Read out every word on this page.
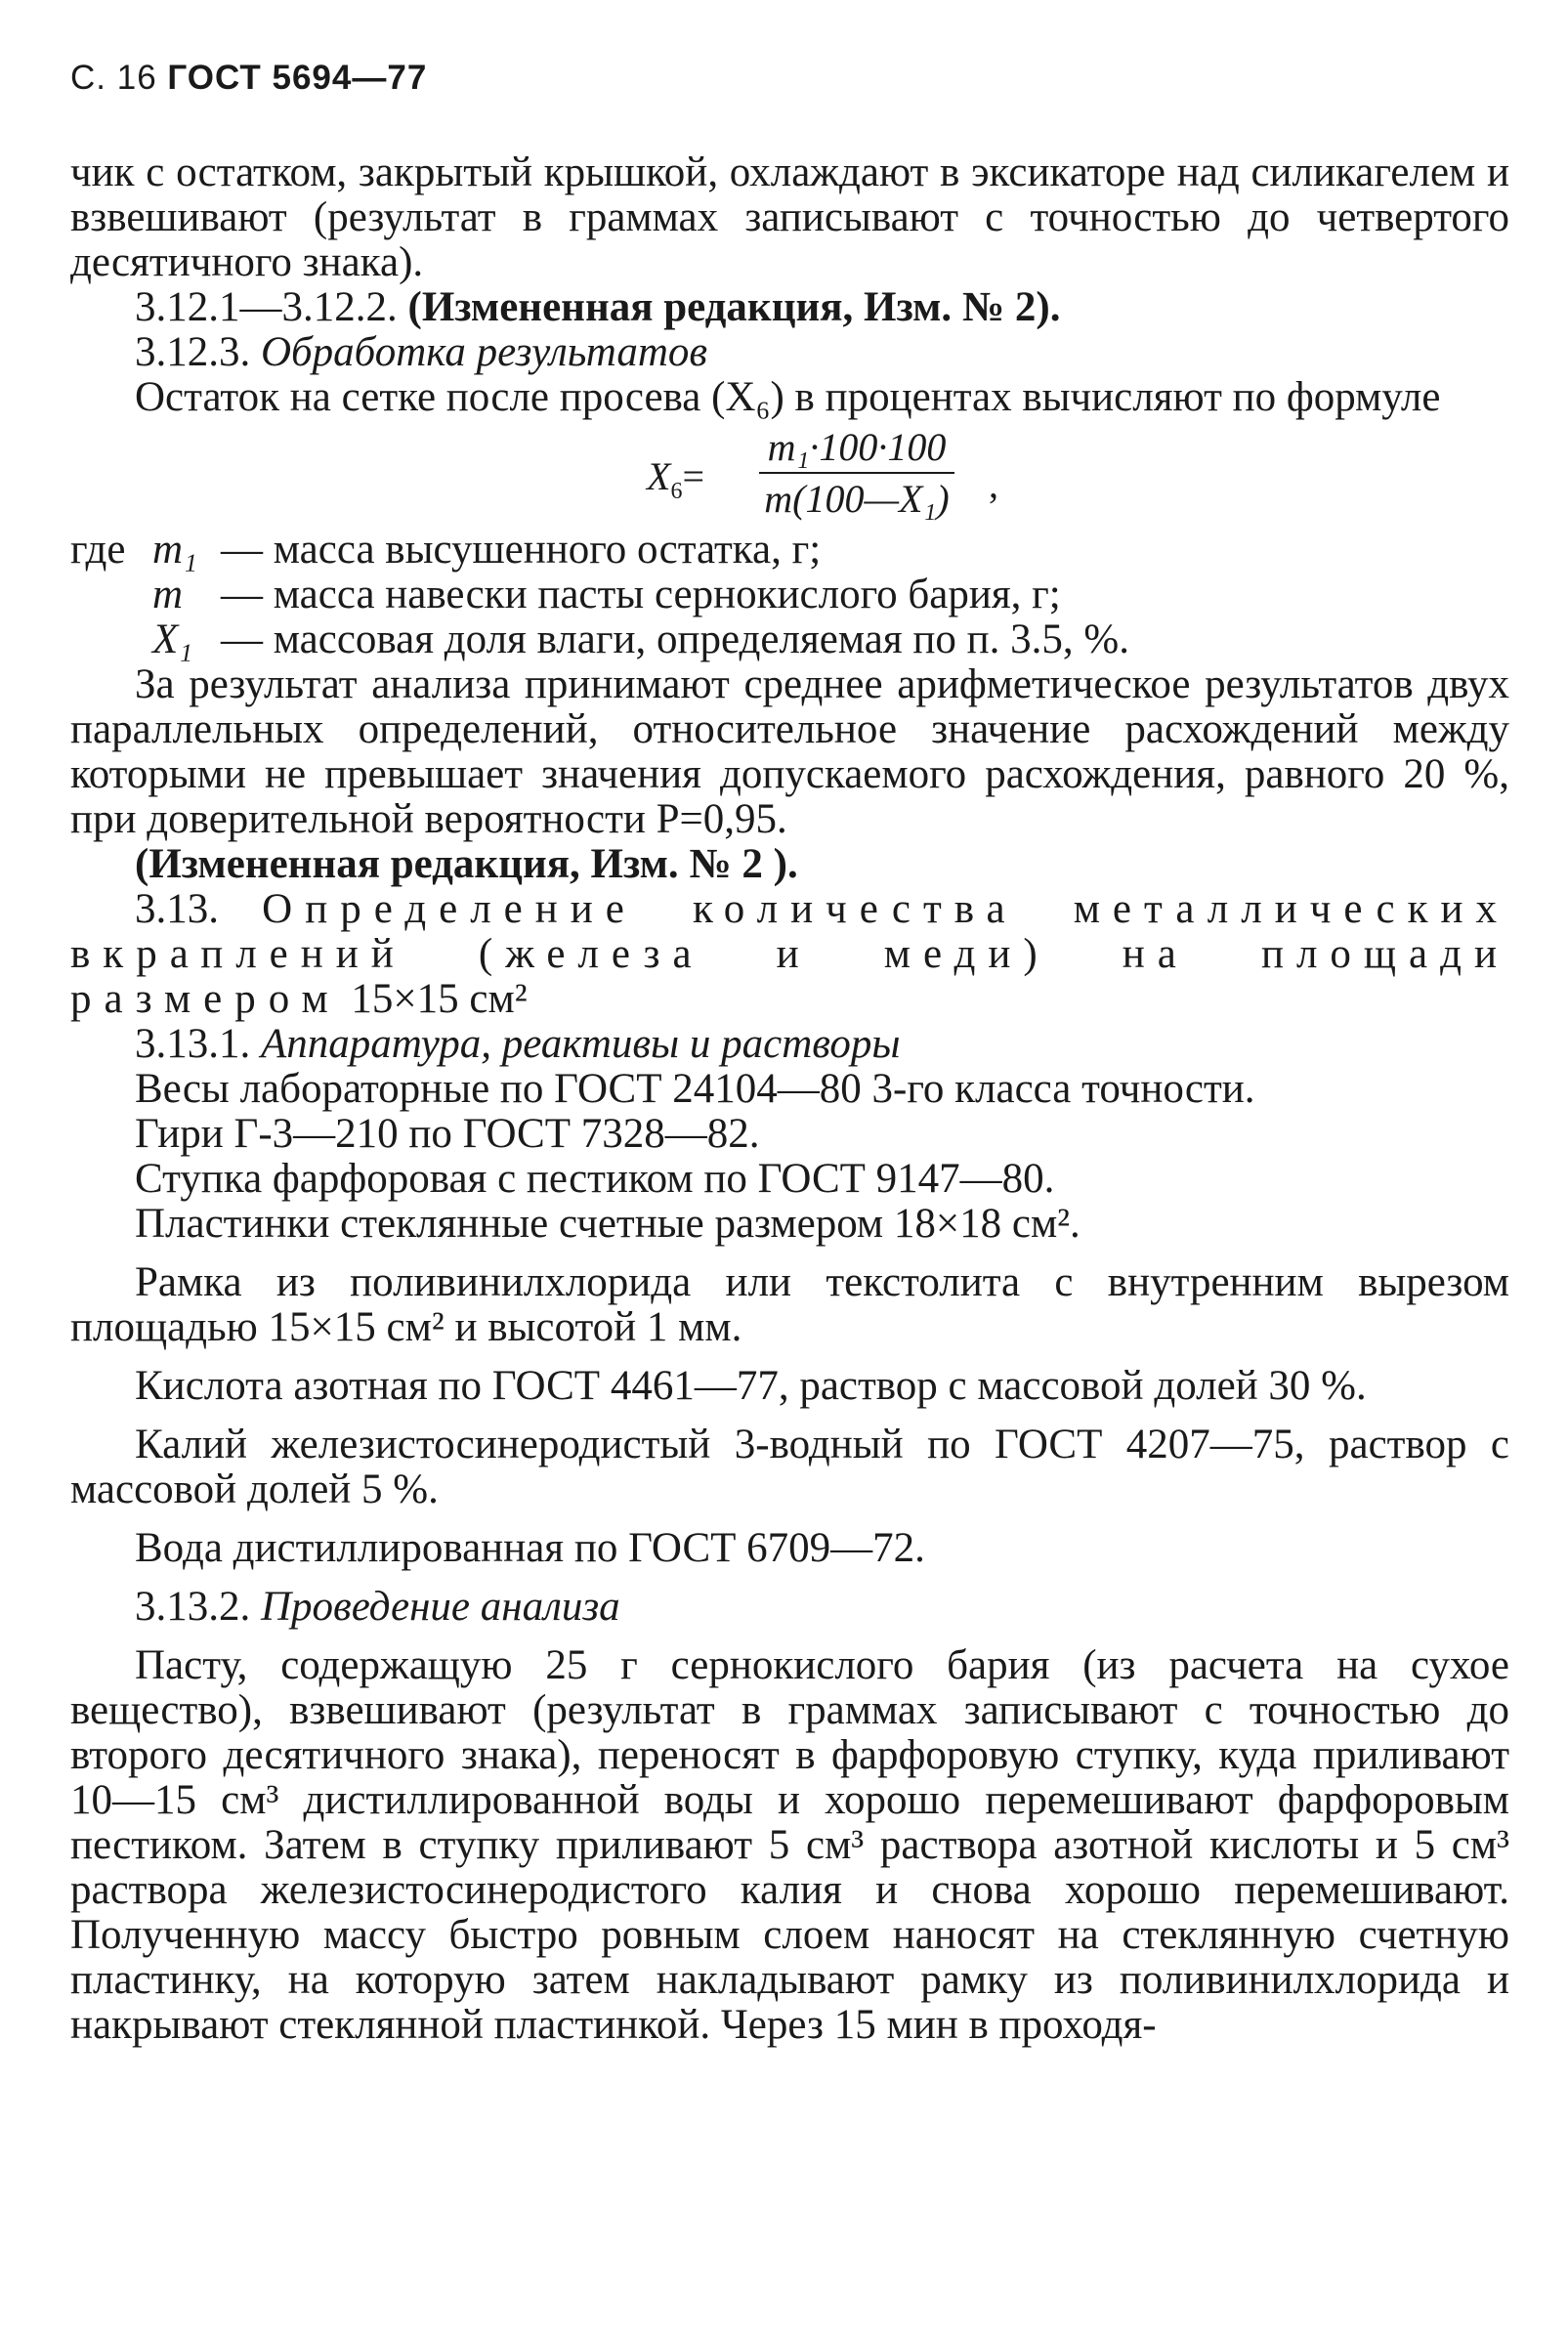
С. 16 ГОСТ 5694—77

чик с остатком, закрытый крышкой, охлаждают в эксикаторе над силикагелем и взвешивают (результат в граммах записывают с точностью до четвертого десятичного знака).

3.12.1—3.12.2. (Измененная редакция, Изм. № 2).

3.12.3. Обработка результатов

Остаток на сетке после просева (X₆) в процентах вычисляют по формуле

$X_6= \frac{\text{m₁·100·100}}{\text{m(100—X₁)}}$ ,

где m₁ — масса высушенного остатка, г;

m — масса навески пасты сернокислого бария, г;

X₁ — массовая доля влаги, определяемая по п. 3.5, %.

За результат анализа принимают среднее арифметическое результатов двух параллельных определений, относительное значение расхождений между которыми не превышает значения допускаемого расхождения, равного 20 %, при доверительной вероятности P=0,95.

(Измененная редакция, Изм. № 2 ).

3.13. Определение количества металлических вкраплений (железа и меди) на площади размером 15×15 см²

3.13.1. Аппаратура, реактивы и растворы

Весы лабораторные по ГОСТ 24104—80 3-го класса точности.

Гири Г-3—210 по ГОСТ 7328—82.

Ступка фарфоровая с пестиком по ГОСТ 9147—80.

Пластинки стеклянные счетные размером 18×18 см².

Рамка из поливинилхлорида или текстолита с внутренним вырезом площадью 15×15 см² и высотой 1 мм.

Кислота азотная по ГОСТ 4461—77, раствор с массовой долей 30 %.

Калий железистосинеродистый 3-водный по ГОСТ 4207—75, раствор с массовой долей 5 %.

Вода дистиллированная по ГОСТ 6709—72.

3.13.2. Проведение анализа

Пасту, содержащую 25 г сернокислого бария (из расчета на сухое вещество), взвешивают (результат в граммах записывают с точностью до второго десятичного знака), переносят в фарфоровую ступку, куда приливают 10—15 см³ дистиллированной воды и хорошо перемешивают фарфоровым пестиком. Затем в ступку приливают 5 см³ раствора азотной кислоты и 5 см³ раствора железистосинеродистого калия и снова хорошо перемешивают. Полученную массу быстро ровным слоем наносят на стеклянную счетную пластинку, на которую затем накладывают рамку из поливинилхлорида и накрывают стеклянной пластинкой. Через 15 мин в проходя-
